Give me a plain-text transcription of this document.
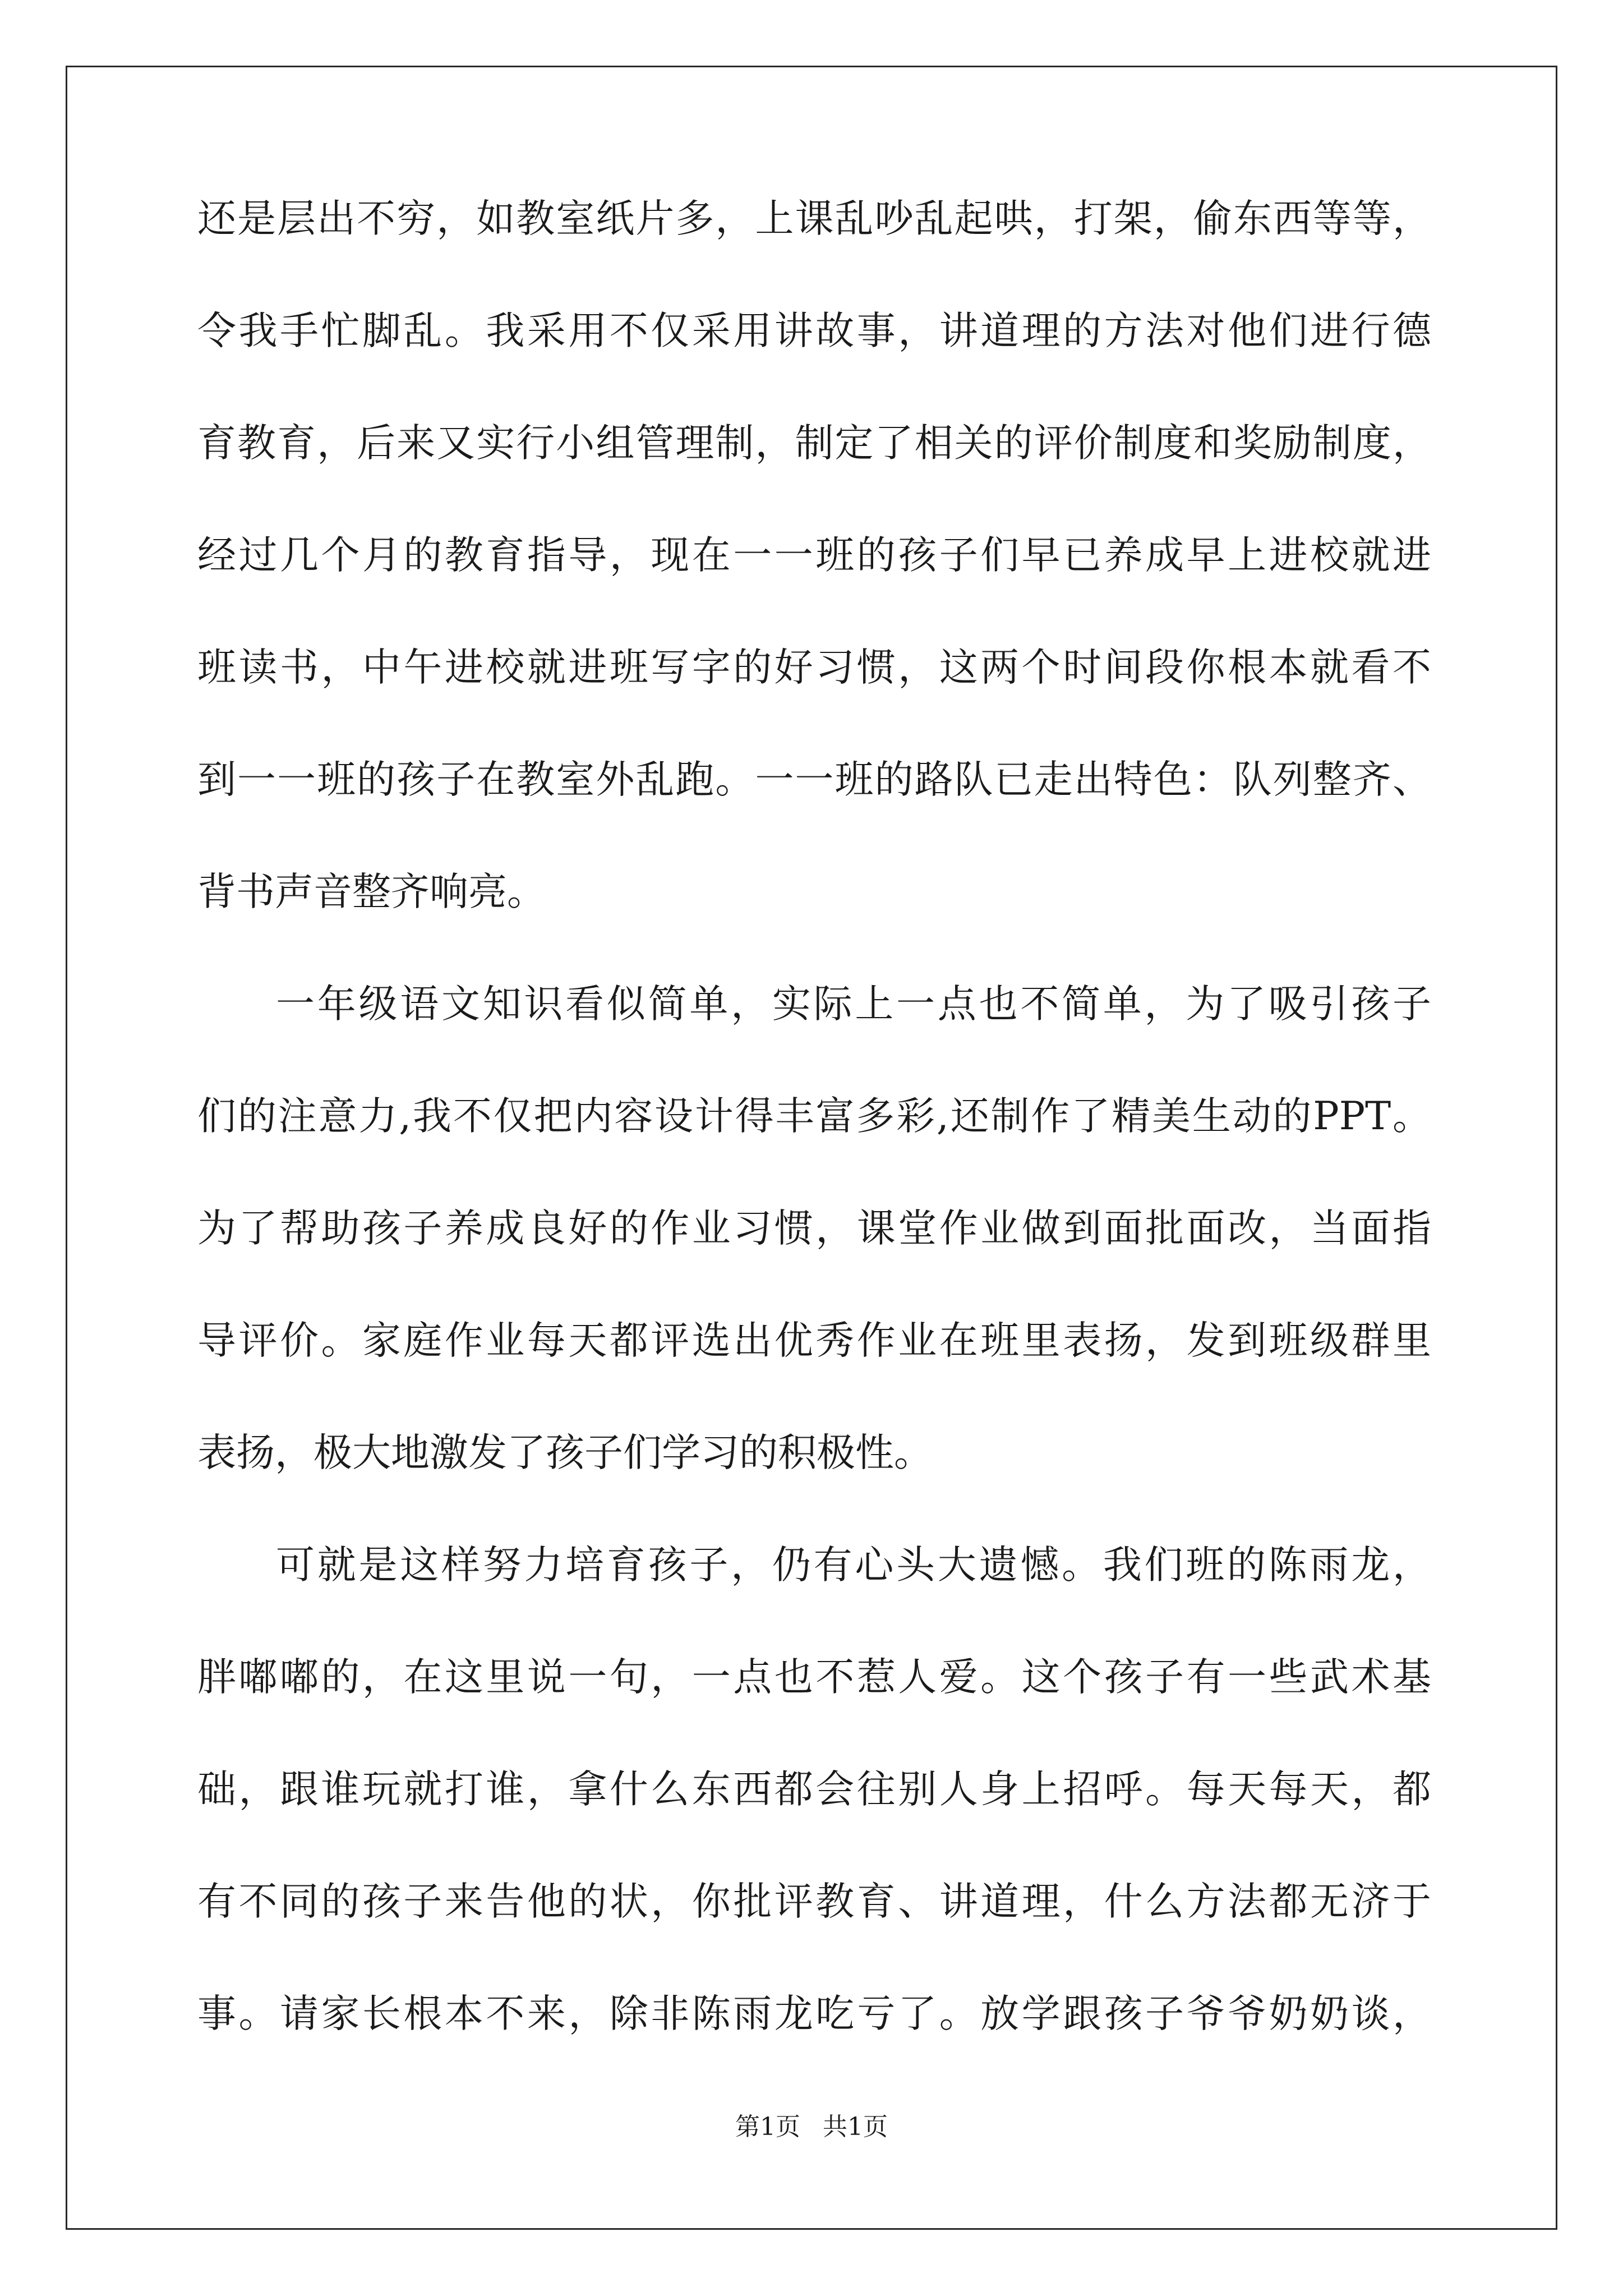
还是层出不穷，如教室纸片多，上课乱吵乱起哄，打架，偷东西等等，
令我手忙脚乱。我采用不仅采用讲故事，讲道理的方法对他们进行德
育教育，后来又实行小组管理制，制定了相关的评价制度和奖励制度，
经过几个月的教育指导，现在一一班的孩子们早已养成早上进校就进
班读书，中午进校就进班写字的好习惯，这两个时间段你根本就看不
到一一班的孩子在教室外乱跑。一一班的路队已走出特色：队列整齐、
背书声音整齐响亮。
一年级语文知识看似简单，实际上一点也不简单，为了吸引孩子
们的注意力,我不仅把内容设计得丰富多彩,还制作了精美生动的PPT。
为了帮助孩子养成良好的作业习惯，课堂作业做到面批面改，当面指
导评价。家庭作业每天都评选出优秀作业在班里表扬，发到班级群里
表扬，极大地激发了孩子们学习的积极性。
可就是这样努力培育孩子，仍有心头大遗憾。我们班的陈雨龙，
胖嘟嘟的，在这里说一句，一点也不惹人爱。这个孩子有一些武术基
础，跟谁玩就打谁，拿什么东西都会往别人身上招呼。每天每天，都
有不同的孩子来告他的状，你批评教育、讲道理，什么方法都无济于
事。请家长根本不来，除非陈雨龙吃亏了。放学跟孩子爷爷奶奶谈，
第1页 共1页
